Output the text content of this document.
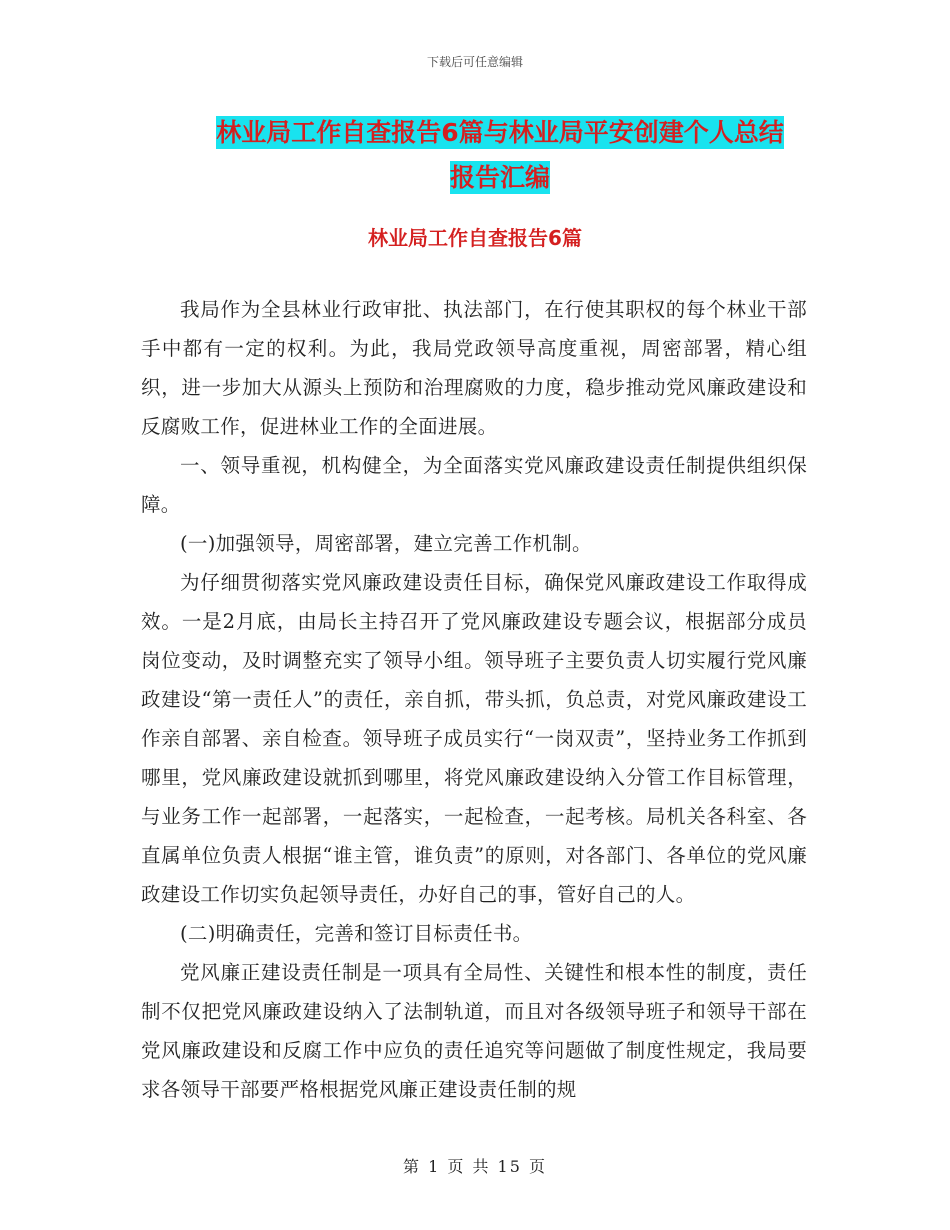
下载后可任意编辑
林业局工作自查报告6篇与林业局平安创建个人总结
报告汇编
林业局工作自查报告6篇

我局作为全县林业行政审批、执法部门，在行使其职权的每个林业干部手中都有一定的权利。为此，我局党政领导高度重视，周密部署，精心组织，进一步加大从源头上预防和治理腐败的力度，稳步推动党风廉政建设和反腐败工作，促进林业工作的全面进展。

一、领导重视，机构健全，为全面落实党风廉政建设责任制提供组织保障。

(一)加强领导，周密部署，建立完善工作机制。

为仔细贯彻落实党风廉政建设责任目标，确保党风廉政建设工作取得成效。一是2月底，由局长主持召开了党风廉政建设专题会议，根据部分成员岗位变动，及时调整充实了领导小组。领导班子主要负责人切实履行党风廉政建设“第一责任人”的责任，亲自抓，带头抓，负总责，对党风廉政建设工作亲自部署、亲自检查。领导班子成员实行“一岗双责”，坚持业务工作抓到哪里，党风廉政建设就抓到哪里，将党风廉政建设纳入分管工作目标管理，与业务工作一起部署，一起落实，一起检查，一起考核。局机关各科室、各直属单位负责人根据“谁主管，谁负责”的原则，对各部门、各单位的党风廉政建设工作切实负起领导责任，办好自己的事，管好自己的人。

(二)明确责任，完善和签订目标责任书。

党风廉正建设责任制是一项具有全局性、关键性和根本性的制度，责任制不仅把党风廉政建设纳入了法制轨道，而且对各级领导班子和领导干部在党风廉政建设和反腐工作中应负的责任追究等问题做了制度性规定，我局要求各领导干部要严格根据党风廉正建设责任制的规

第 1 页 共 15 页
